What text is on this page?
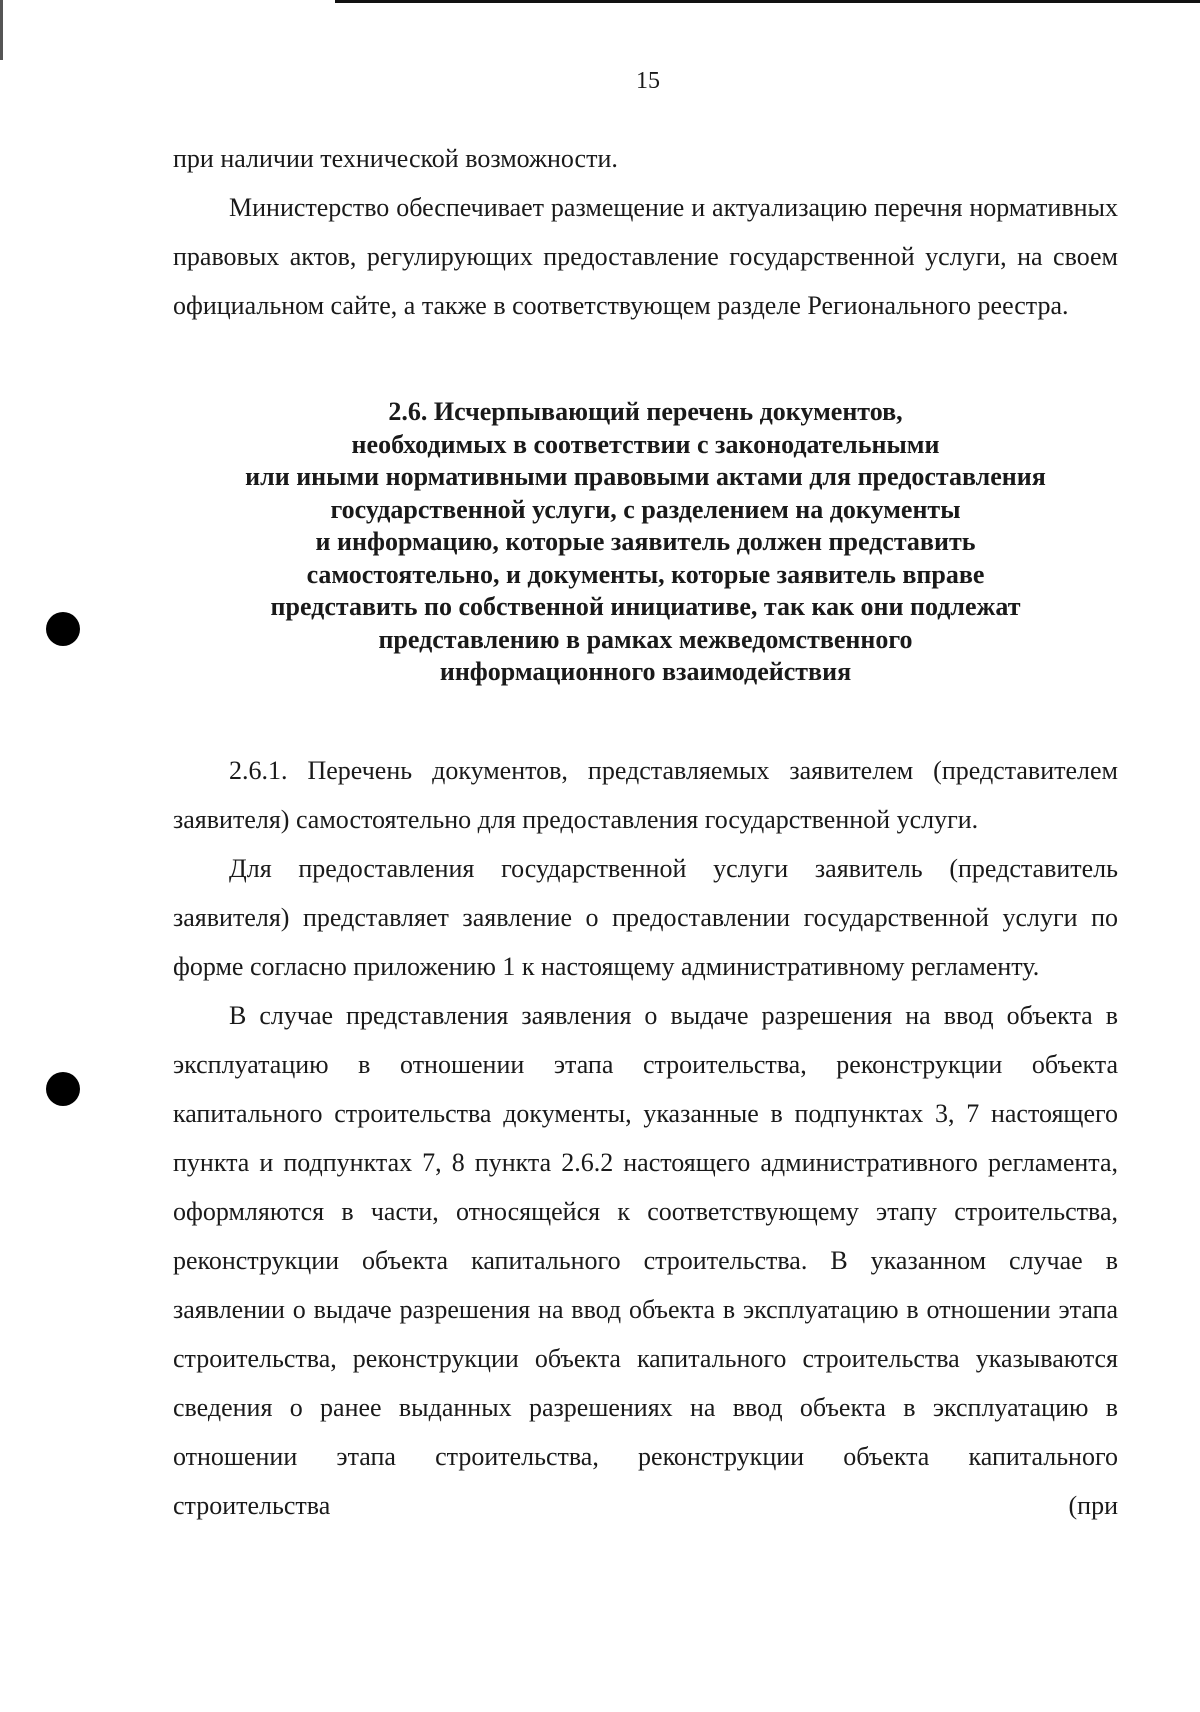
15

при наличии технической возможности.

Министерство обеспечивает размещение и актуализацию перечня нормативных правовых актов, регулирующих предоставление государственной услуги, на своем официальном сайте, а также в соответствующем разделе Регионального реестра.

2.6. Исчерпывающий перечень документов,
необходимых в соответствии с законодательными
или иными нормативными правовыми актами для предоставления
государственной услуги, с разделением на документы
и информацию, которые заявитель должен представить
самостоятельно, и документы, которые заявитель вправе
представить по собственной инициативе, так как они подлежат
представлению в рамках межведомственного
информационного взаимодействия

2.6.1. Перечень документов, представляемых заявителем (представителем заявителя) самостоятельно для предоставления государственной услуги.

Для предоставления государственной услуги заявитель (представитель заявителя) представляет заявление о предоставлении государственной услуги по форме согласно приложению 1 к настоящему административному регламенту.

В случае представления заявления о выдаче разрешения на ввод объекта в эксплуатацию в отношении этапа строительства, реконструкции объекта капитального строительства документы, указанные в подпунктах 3, 7 настоящего пункта и подпунктах 7, 8 пункта 2.6.2 настоящего административного регламента, оформляются в части, относящейся к соответствующему этапу строительства, реконструкции объекта капитального строительства. В указанном случае в заявлении о выдаче разрешения на ввод объекта в эксплуатацию в отношении этапа строительства, реконструкции объекта капитального строительства указываются сведения о ранее выданных разрешениях на ввод объекта в эксплуатацию в отношении этапа строительства, реконструкции объекта капитального строительства (при
